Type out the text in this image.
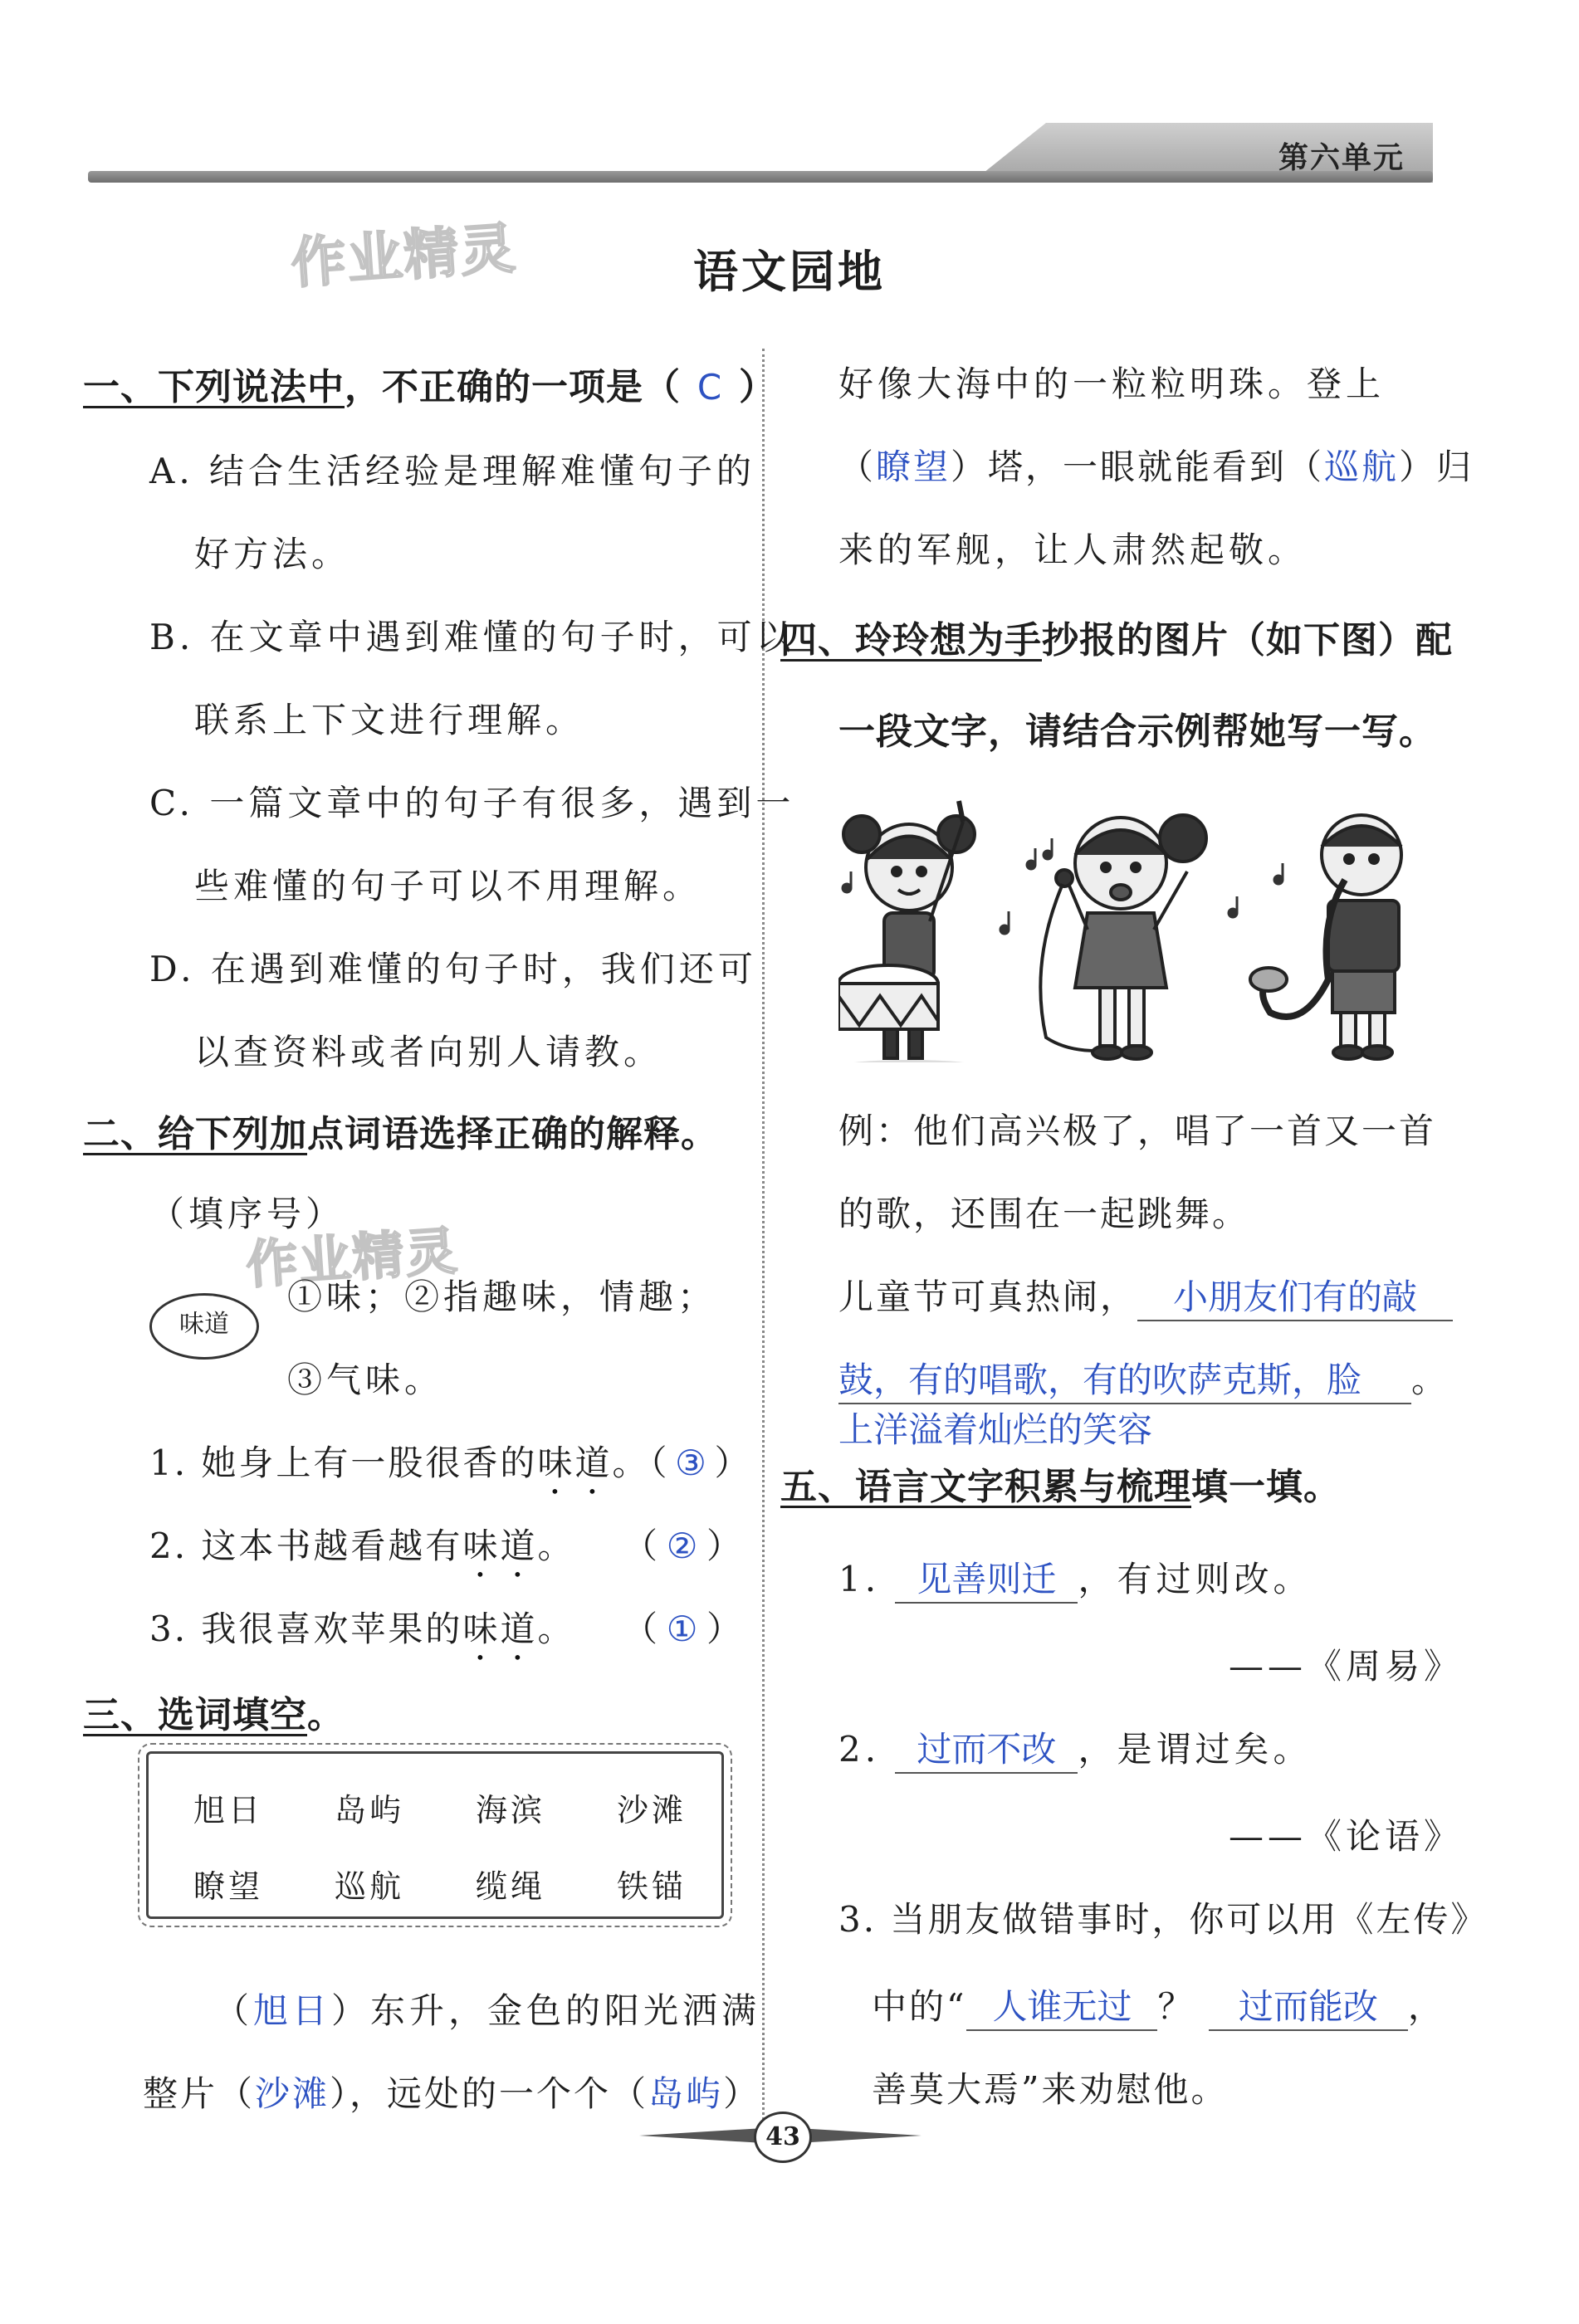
第六单元
作业精灵
作业精灵
语文园地
一、下列说法中，不正确的一项是（ C ）
A. 结合生活经验是理解难懂句子的
好方法。
B. 在文章中遇到难懂的句子时，可以
联系上下文进行理解。
C. 一篇文章中的句子有很多，遇到一
些难懂的句子可以不用理解。
D. 在遇到难懂的句子时，我们还可
以查资料或者向别人请教。
二、给下列加点词语选择正确的解释。
（填序号）
味道
①味；②指趣味，情趣；
③气味。
1. 她身上有一股很香的味道。（ ③ ）
2. 这本书越看越有味道。 （ ② ）
3. 我很喜欢苹果的味道。 （ ① ）
三、选词填空。
旭日	岛屿	海滨	沙滩
瞭望	巡航	缆绳	铁锚
（旭日）东升，金色的阳光洒满
整片（沙滩），远处的一个个（岛屿）
好像大海中的一粒粒明珠。登上
（瞭望）塔，一眼就能看到（巡航）归
来的军舰，让人肃然起敬。
四、玲玲想为手抄报的图片（如下图）配
一段文字，请结合示例帮她写一写。
例：他们高兴极了，唱了一首又一首
的歌，还围在一起跳舞。
儿童节可真热闹， 小朋友们有的敲
鼓，有的唱歌，有的吹萨克斯，脸 。
上洋溢着灿烂的笑容
五、语言文字积累与梳理填一填。
1. 见善则迁 ，有过则改。
——《周易》
2. 过而不改 ，是谓过矣。
——《论语》
3. 当朋友做错事时，你可以用《左传》
中的“ 人谁无过 ？ 过而能改 ，
善莫大焉”来劝慰他。
43
